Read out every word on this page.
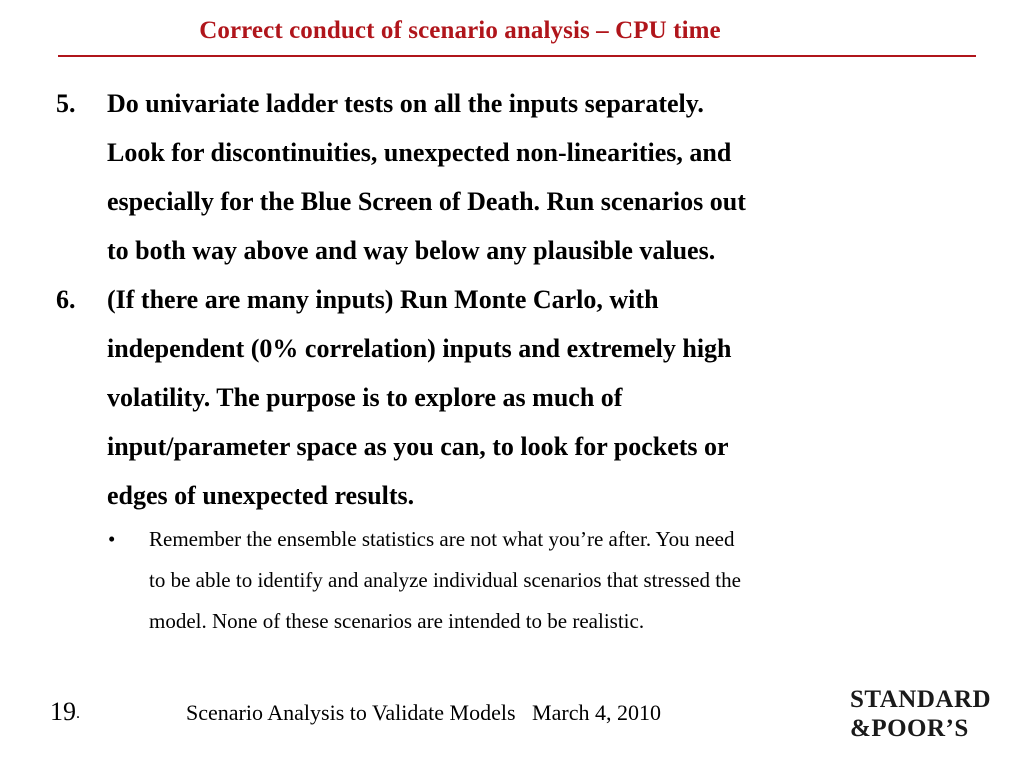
Correct conduct of scenario analysis – CPU time
5. Do univariate ladder tests on all the inputs separately.
Look for discontinuities, unexpected non-linearities, and
especially for the Blue Screen of Death. Run scenarios out
to both way above and way below any plausible values.
6. (If there are many inputs) Run Monte Carlo, with
independent (0% correlation) inputs and extremely high
volatility. The purpose is to explore as much of
input/parameter space as you can, to look for pockets or
edges of unexpected results.
• Remember the ensemble statistics are not what you’re after. You need
to be able to identify and analyze individual scenarios that stressed the
model. None of these scenarios are intended to be realistic.
19 .	Scenario Analysis to Validate Models   March 4, 2010	STANDARD
&POOR’S
